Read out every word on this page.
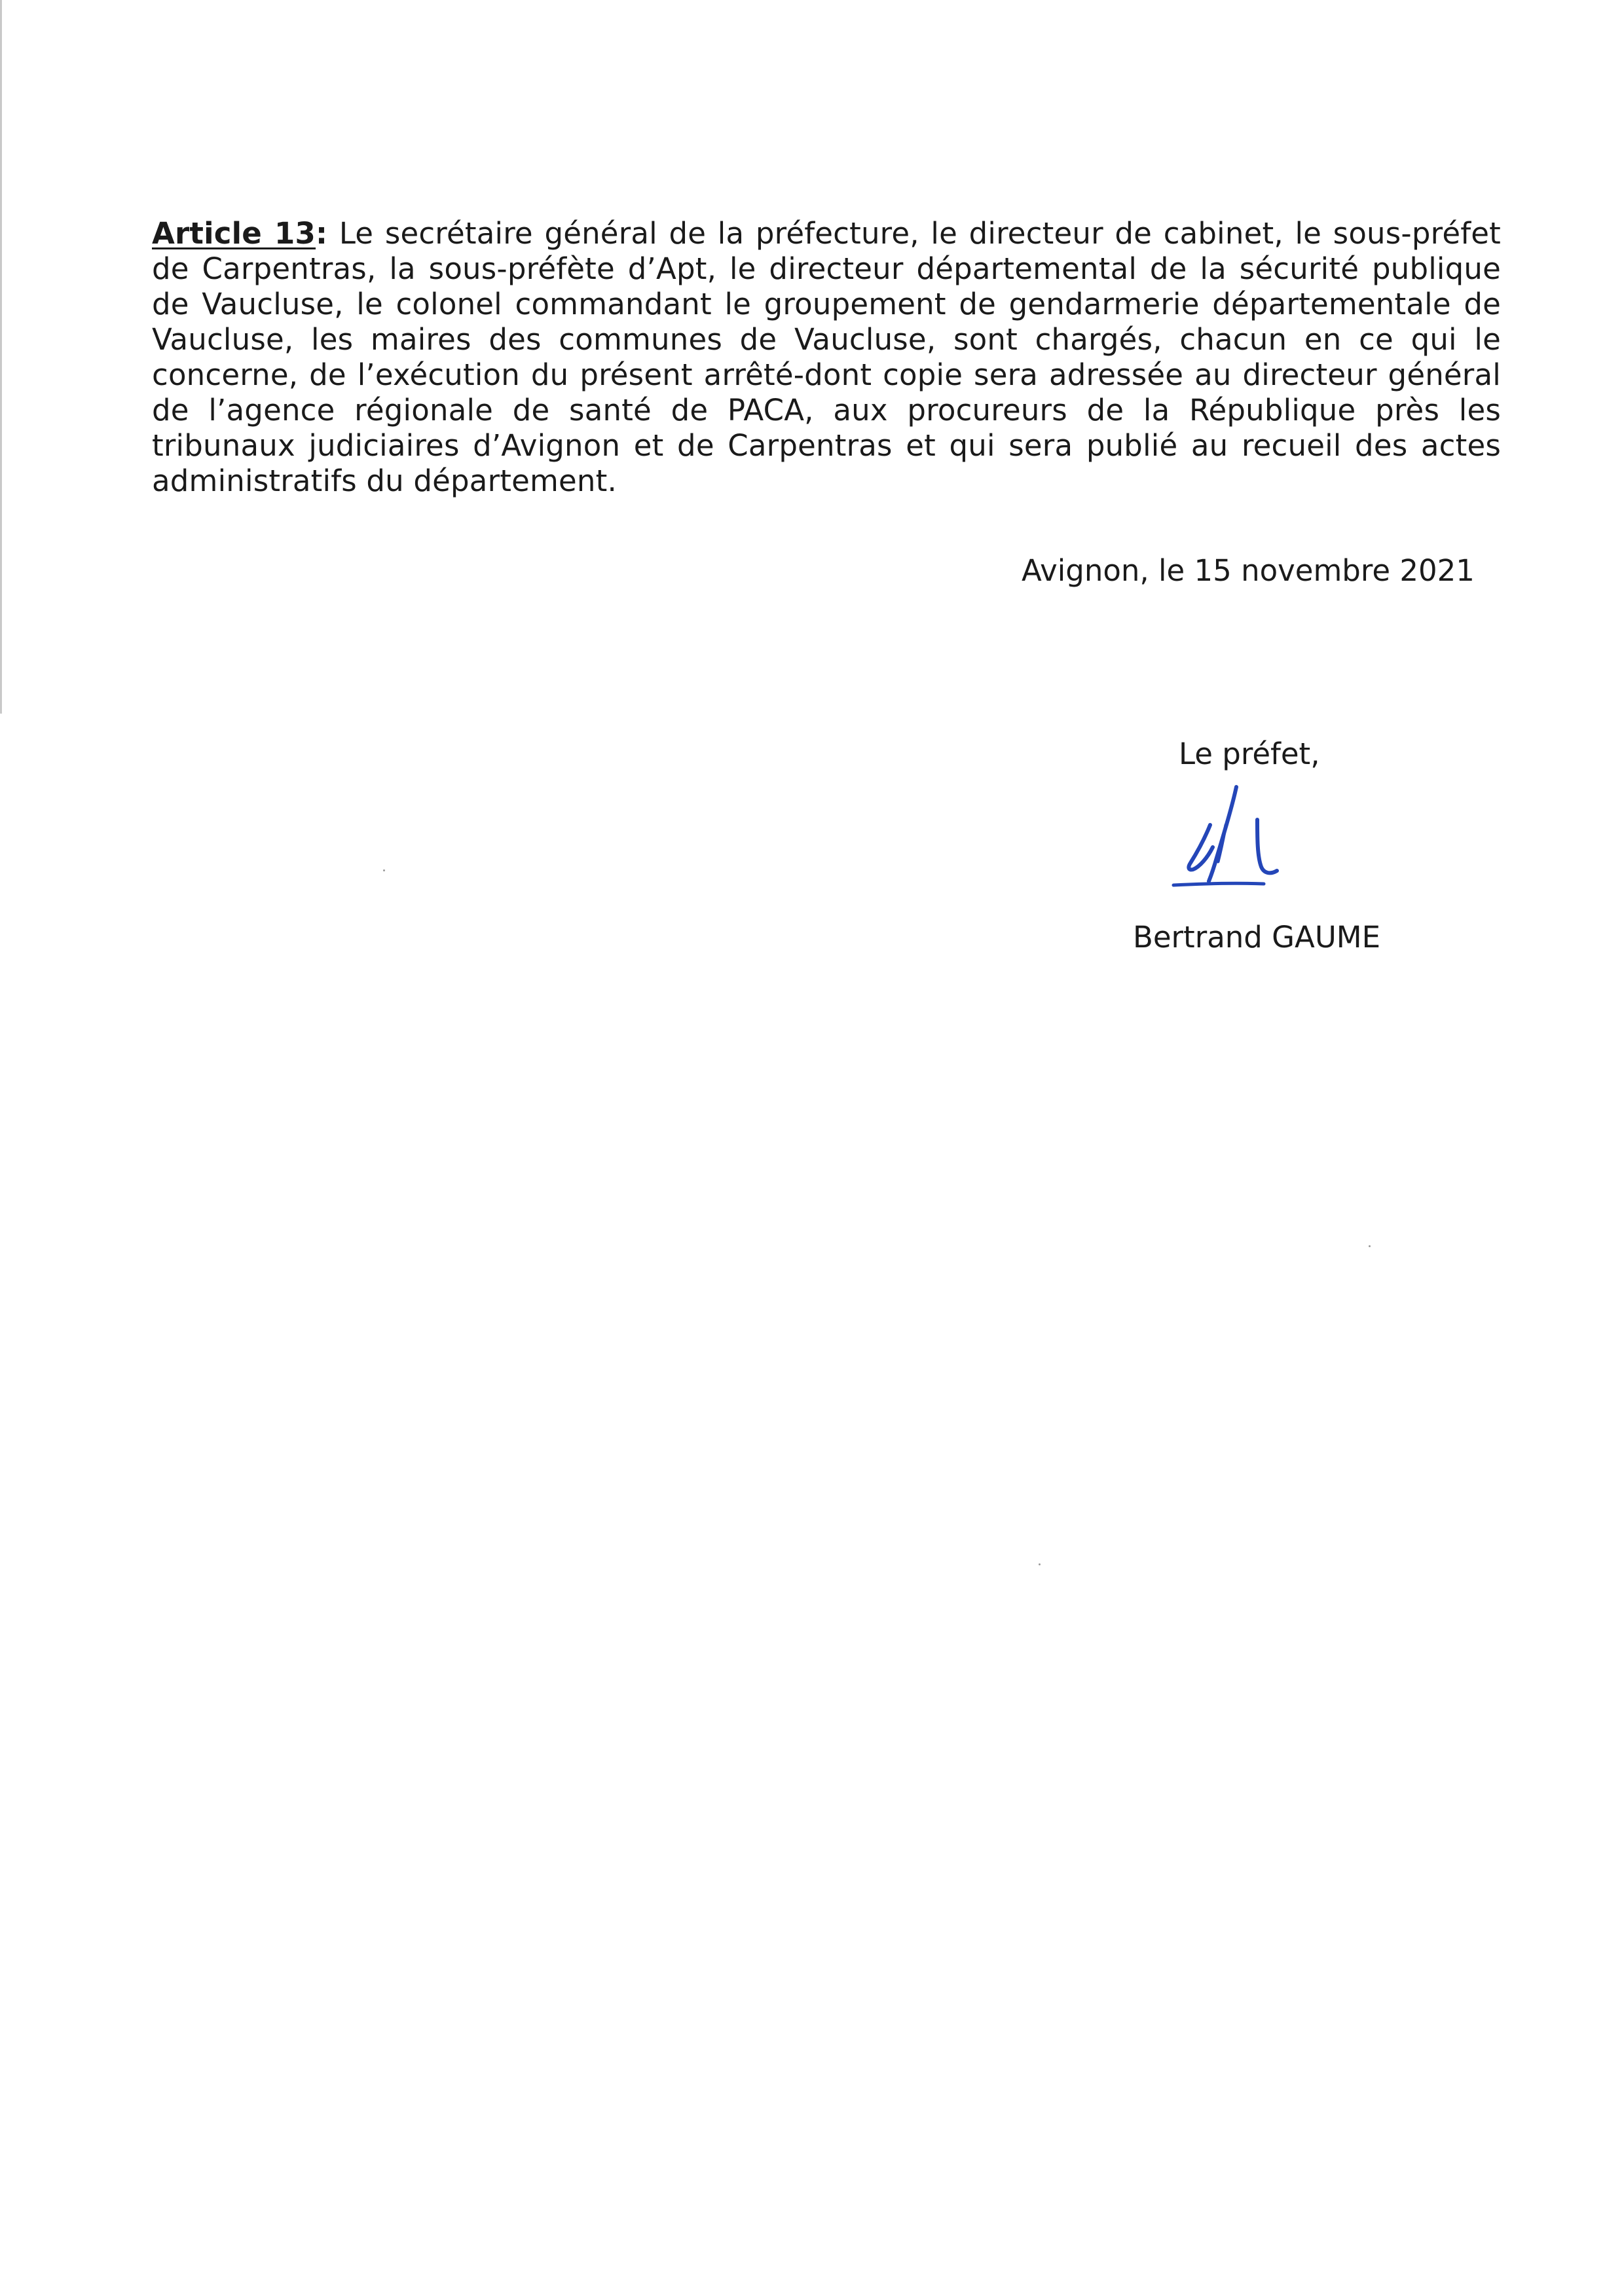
Article 13: Le secrétaire général de la préfecture, le directeur de cabinet, le sous-préfet de Carpentras, la sous-préfète d’Apt, le directeur départemental de la sécurité publique de Vaucluse, le colonel commandant le groupement de gendarmerie départementale de Vaucluse, les maires des communes de Vaucluse, sont chargés, chacun en ce qui le concerne, de l’exécution du présent arrêté-dont copie sera adressée au directeur général de l’agence régionale de santé de PACA, aux procureurs de la République près les tribunaux judiciaires d’Avignon et de Carpentras et qui sera publié au recueil des actes administratifs du département.
Avignon, le 15 novembre 2021
Le préfet,
Bertrand GAUME
